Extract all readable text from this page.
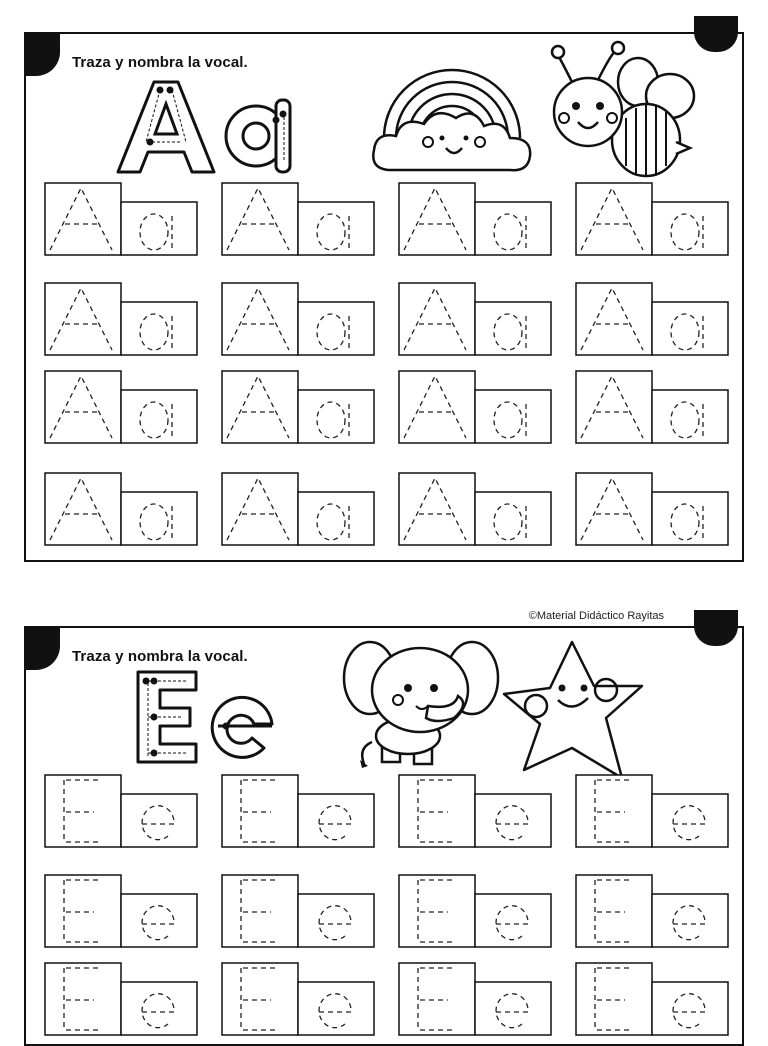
Traza y nombra la vocal.
©Material Didáctico Rayitas
Traza y nombra la vocal.
